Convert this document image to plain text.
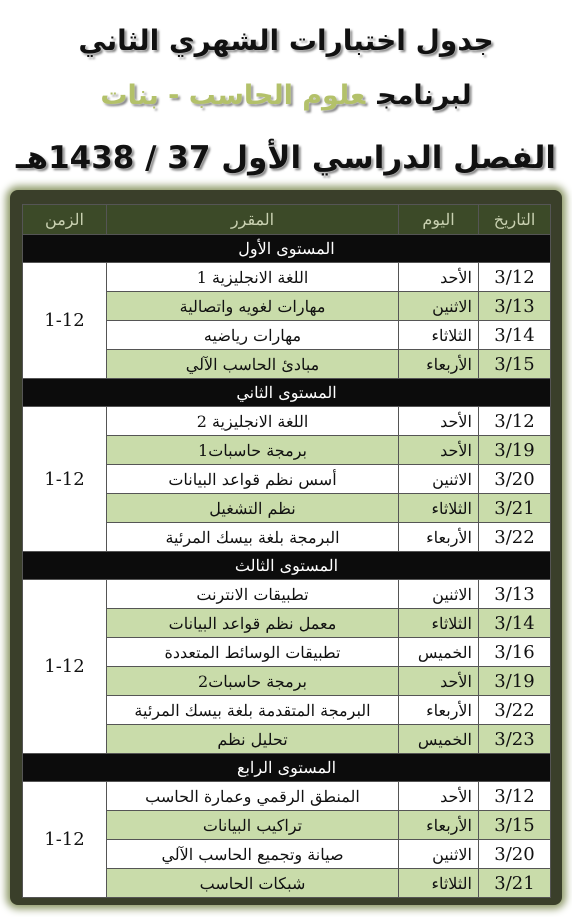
جدول اختبارات الشهري الثاني
لبرنامجعلوم الحاسب - بنات
الفصل الدراسي الأول 37 / 1438هـ
التاريخ	اليوم	المقرر	الزمن
المستوى الأول			
3/12	الأحد	اللغة الانجليزية 1	1-12
3/13	الاثنين	مهارات لغويه واتصالية	
3/14	الثلاثاء	مهارات رياضيه	
3/15	الأربعاء	مبادئ الحاسب الآلي	
المستوى الثاني			
3/12	الأحد	اللغة الانجليزية 2	1-12
3/19	الأحد	برمجة حاسبات1	
3/20	الاثنين	أسس نظم قواعد البيانات	
3/21	الثلاثاء	نظم التشغيل	
3/22	الأربعاء	البرمجة بلغة بيسك المرئية	
المستوى الثالث			
3/13	الاثنين	تطبيقات الانترنت	1-12
3/14	الثلاثاء	معمل نظم قواعد البيانات	
3/16	الخميس	تطبيقات الوسائط المتعددة	
3/19	الأحد	برمجة حاسبات2	
3/22	الأربعاء	البرمجة المتقدمة بلغة بيسك المرئية	
3/23	الخميس	تحليل نظم	
المستوى الرابع			
3/12	الأحد	المنطق الرقمي وعمارة الحاسب	1-12
3/15	الأربعاء	تراكيب البيانات	
3/20	الاثنين	صيانة وتجميع الحاسب الآلي	
3/21	الثلاثاء	شبكات الحاسب	
